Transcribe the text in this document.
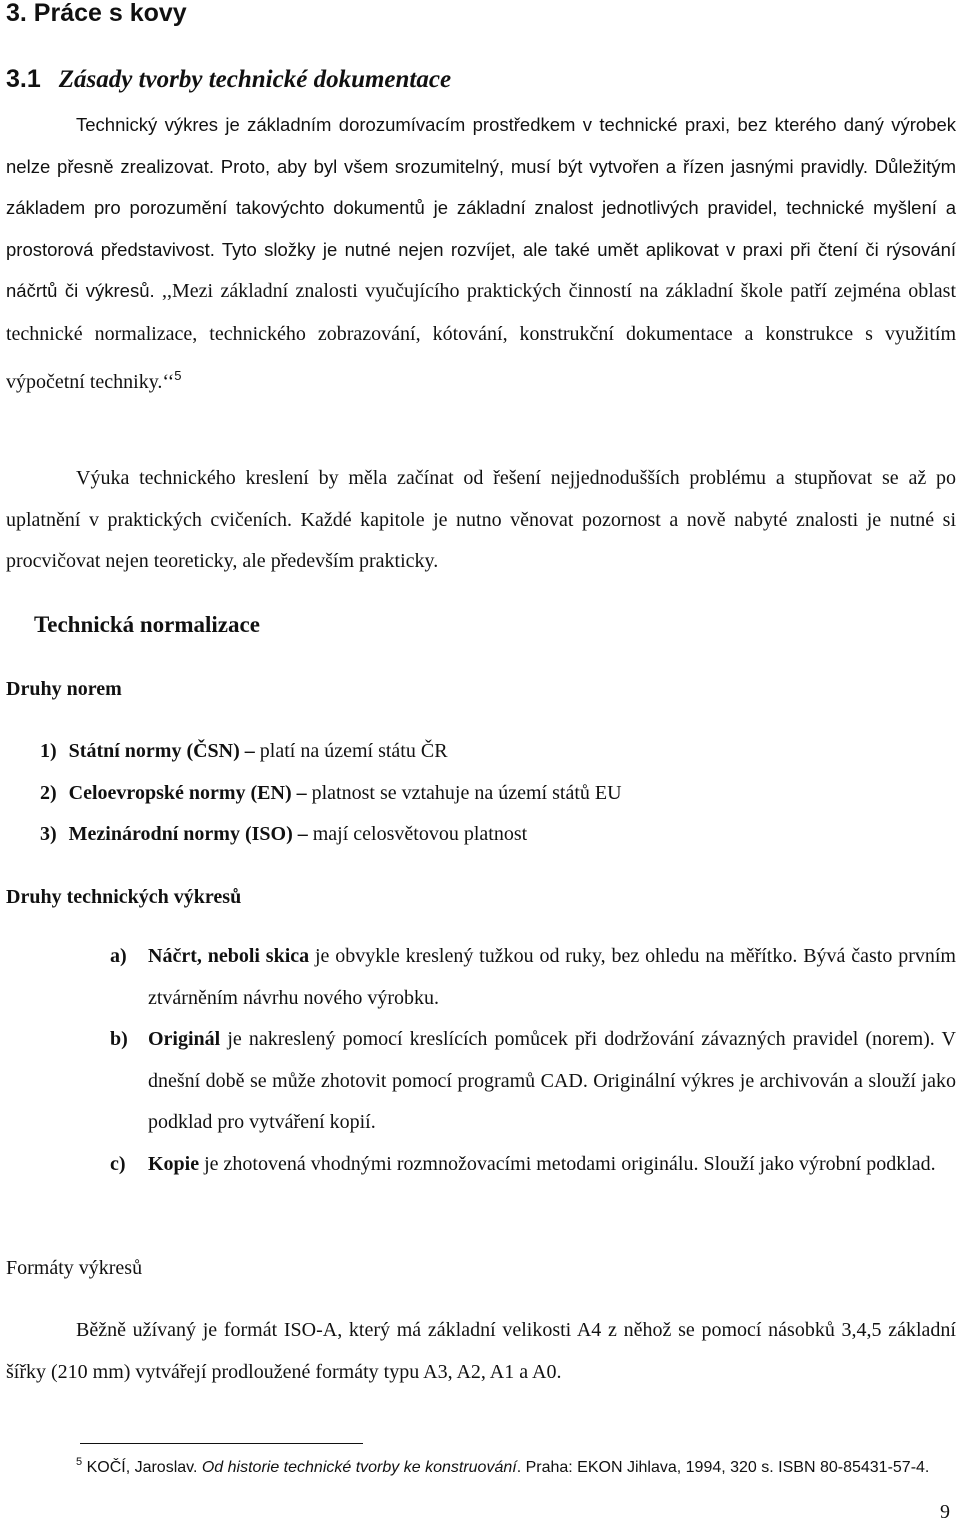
3. Práce s kovy
3.1 Zásady tvorby technické dokumentace

Technický výkres je základním dorozumívacím prostředkem v technické praxi, bez kterého daný výrobek nelze přesně zrealizovat. Proto, aby byl všem srozumitelný, musí být vytvořen a řízen jasnými pravidly. Důležitým základem pro porozumění takovýchto dokumentů je základní znalost jednotlivých pravidel, technické myšlení a prostorová představivost. Tyto složky je nutné nejen rozvíjet, ale také umět aplikovat v praxi při čtení či rýsování náčrtů či výkresů. ,,Mezi základní znalosti vyučujícího praktických činností na základní škole patří zejména oblast technické normalizace, technického zobrazování, kótování, konstrukční dokumentace a konstrukce s využitím výpočetní techniky.‘‘$^5$

Výuka technického kreslení by měla začínat od řešení nejjednodušších problému a stupňovat se až po uplatnění v praktických cvičeních. Každé kapitole je nutno věnovat pozornost a nově nabyté znalosti je nutné si procvičovat nejen teoreticky, ale především prakticky.

Technická normalizace
Druhy norem

1) Státní normy (ČSN) – platí na území státu ČR

2) Celoevropské normy (EN) – platnost se vztahuje na území států EU

3) Mezinárodní normy (ISO) – mají celosvětovou platnost

Druhy technických výkresů

a) Náčrt, neboli skica je obvykle kreslený tužkou od ruky, bez ohledu na měřítko. Bývá často prvním ztvárněním návrhu nového výrobku.

b) Originál je nakreslený pomocí kreslících pomůcek při dodržování závazných pravidel (norem). V dnešní době se může zhotovit pomocí programů CAD. Originální výkres je archivován a slouží jako podklad pro vytváření kopií.

c) Kopie je zhotovená vhodnými rozmnožovacími metodami originálu. Slouží jako výrobní podklad.

Formáty výkresů

Běžně užívaný je formát ISO-A, který má základní velikosti A4 z něhož se pomocí násobků 3,4,5 základní šířky (210 mm) vytvářejí prodloužené formáty typu A3, A2, A1 a A0.

$^5$ KOČÍ, Jaroslav. Od historie technické tvorby ke konstruování. Praha: EKON Jihlava, 1994, 320 s. ISBN 80-85431-57-4.

9
